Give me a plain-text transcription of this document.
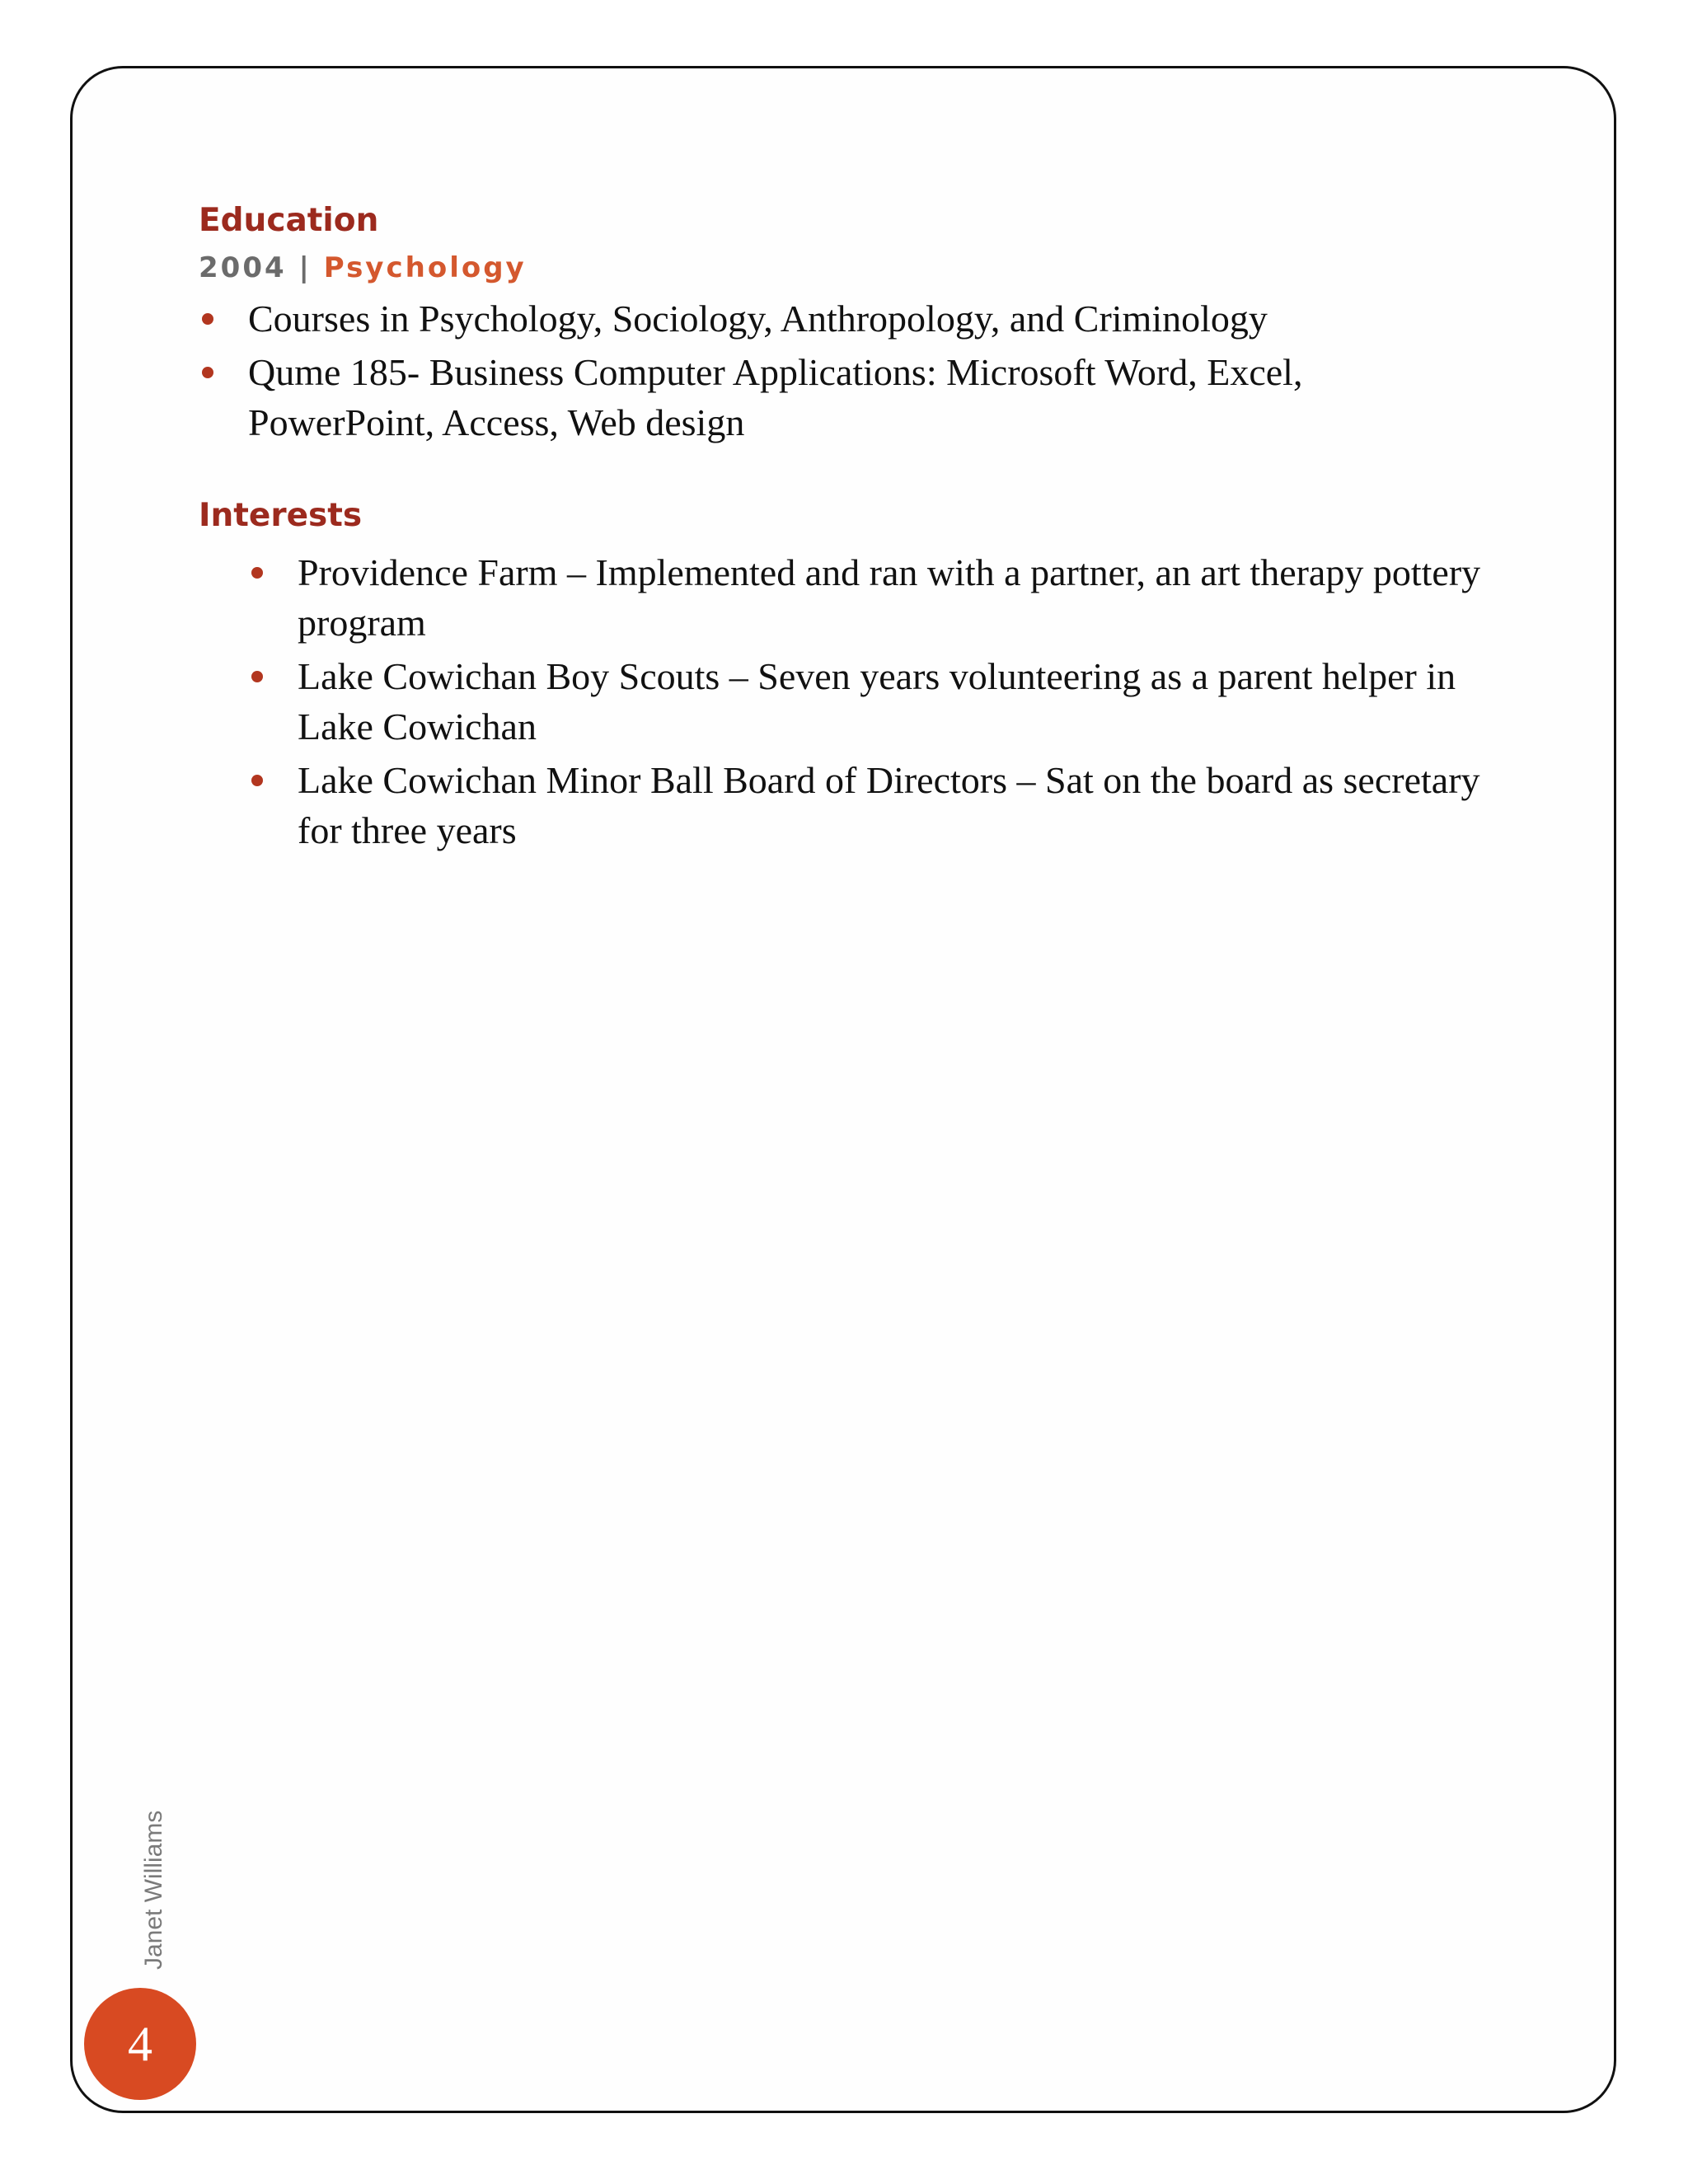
Education
2004 | Psychology
Courses in Psychology, Sociology, Anthropology, and Criminology
Qume 185- Business Computer Applications: Microsoft Word, Excel, PowerPoint, Access, Web design
Interests
Providence Farm – Implemented and ran with a partner, an art therapy pottery program
Lake Cowichan Boy Scouts – Seven years volunteering as a parent helper in Lake Cowichan
Lake Cowichan Minor Ball Board of Directors – Sat on the board as secretary for three years
Janet Williams
4
